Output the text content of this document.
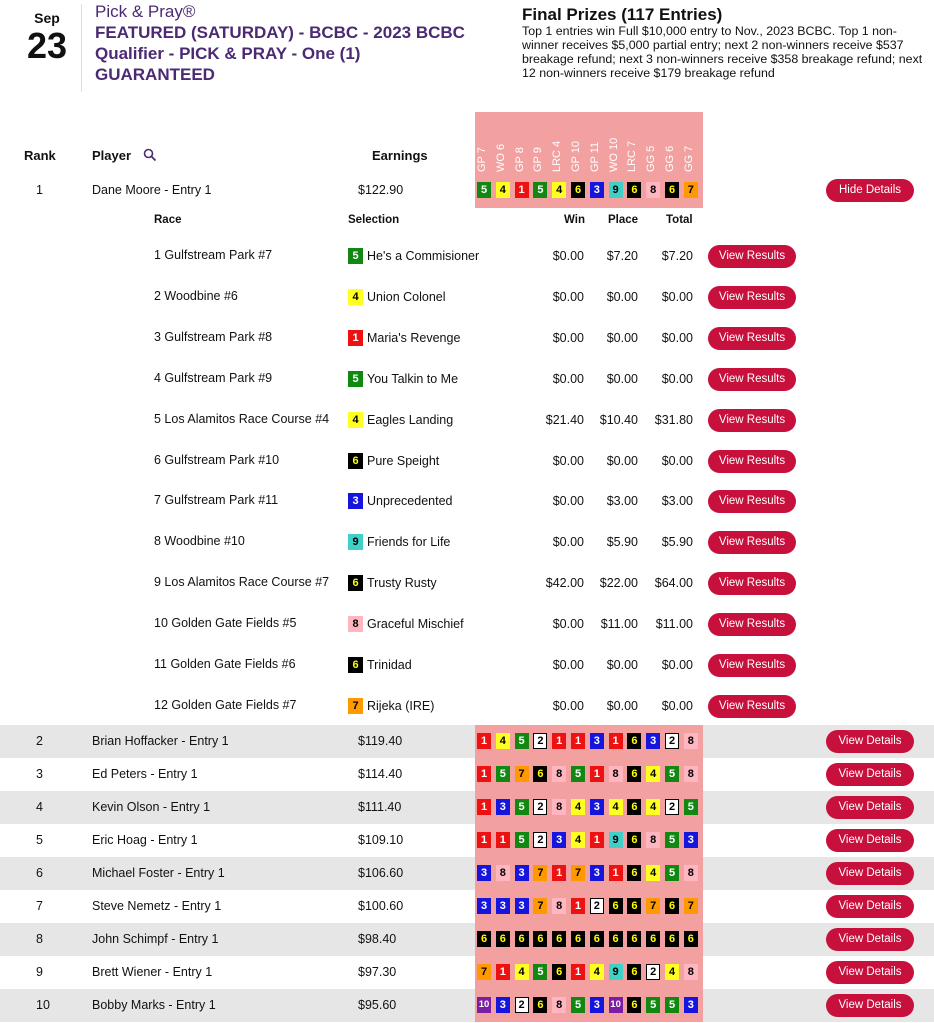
Sep
23
Pick & Pray®
FEATURED (SATURDAY) - BCBC - 2023 BCBC Qualifier - PICK & PRAY - One (1) GUARANTEED
Final Prizes (117 Entries)
Top 1 entries win Full $10,000 entry to Nov., 2023 BCBC. Top 1 non-winner receives $5,000 partial entry; next 2 non-winners receive $537 breakage refund; next 3 non-winners receive $358 breakage refund; next 12 non-winners receive $179 breakage refund
GP 7 WO 6 GP 8 GP 9 LRC 4 GP 10 GP 11 WO 10 LRC 7 GG 5 GG 6 GG 7
Rank	Player	Earnings
1	Dane Moore - Entry 1	$122.90	5	4	1	5	4	6	3	9	6	8	6	7	Hide Details
2	Brian Hoffacker - Entry 1	$119.40	1	4	5	2	1	1	3	1	6	3	2	8	View Details
3	Ed Peters - Entry 1	$114.40	1	5	7	6	8	5	1	8	6	4	5	8	View Details
4	Kevin Olson - Entry 1	$111.40	1	3	5	2	8	4	3	4	6	4	2	5	View Details
5	Eric Hoag - Entry 1	$109.10	1	1	5	2	3	4	1	9	6	8	5	3	View Details
6	Michael Foster - Entry 1	$106.60	3	8	3	7	1	7	3	1	6	4	5	8	View Details
7	Steve Nemetz - Entry 1	$100.60	3	3	3	7	8	1	2	6	6	7	6	7	View Details
8	John Schimpf - Entry 1	$98.40	6	6	6	6	6	6	6	6	6	6	6	6	View Details
9	Brett Wiener - Entry 1	$97.30	7	1	4	5	6	1	4	9	6	2	4	8	View Details
10	Bobby Marks - Entry 1	$95.60	10 3	2	6	8	5	3	10 6	5	5	3	View Details
Race	Selection	Win Place Total
1 Gulfstream Park #7	5 He's a Commisioner	$0.00 $7.20 $7.20	View Results
2 Woodbine #6	4 Union Colonel	$0.00 $0.00 $0.00	View Results
3 Gulfstream Park #8	1 Maria's Revenge	$0.00 $0.00 $0.00	View Results
4 Gulfstream Park #9	5 You Talkin to Me	$0.00 $0.00 $0.00	View Results
5 Los Alamitos Race Course #4	4 Eagles Landing	$21.40 $10.40 $31.80	View Results
6 Gulfstream Park #10	6 Pure Speight	$0.00 $0.00 $0.00	View Results
7 Gulfstream Park #11	3 Unprecedented	$0.00 $3.00 $3.00	View Results
8 Woodbine #10	9 Friends for Life	$0.00 $5.90 $5.90	View Results
9 Los Alamitos Race Course #7	6 Trusty Rusty	$42.00 $22.00 $64.00	View Results
10 Golden Gate Fields #5	8 Graceful Mischief	$0.00 $11.00 $11.00	View Results
11 Golden Gate Fields #6	6 Trinidad	$0.00 $0.00 $0.00	View Results
12 Golden Gate Fields #7	7 Rijeka (IRE)	$0.00 $0.00 $0.00	View Results
